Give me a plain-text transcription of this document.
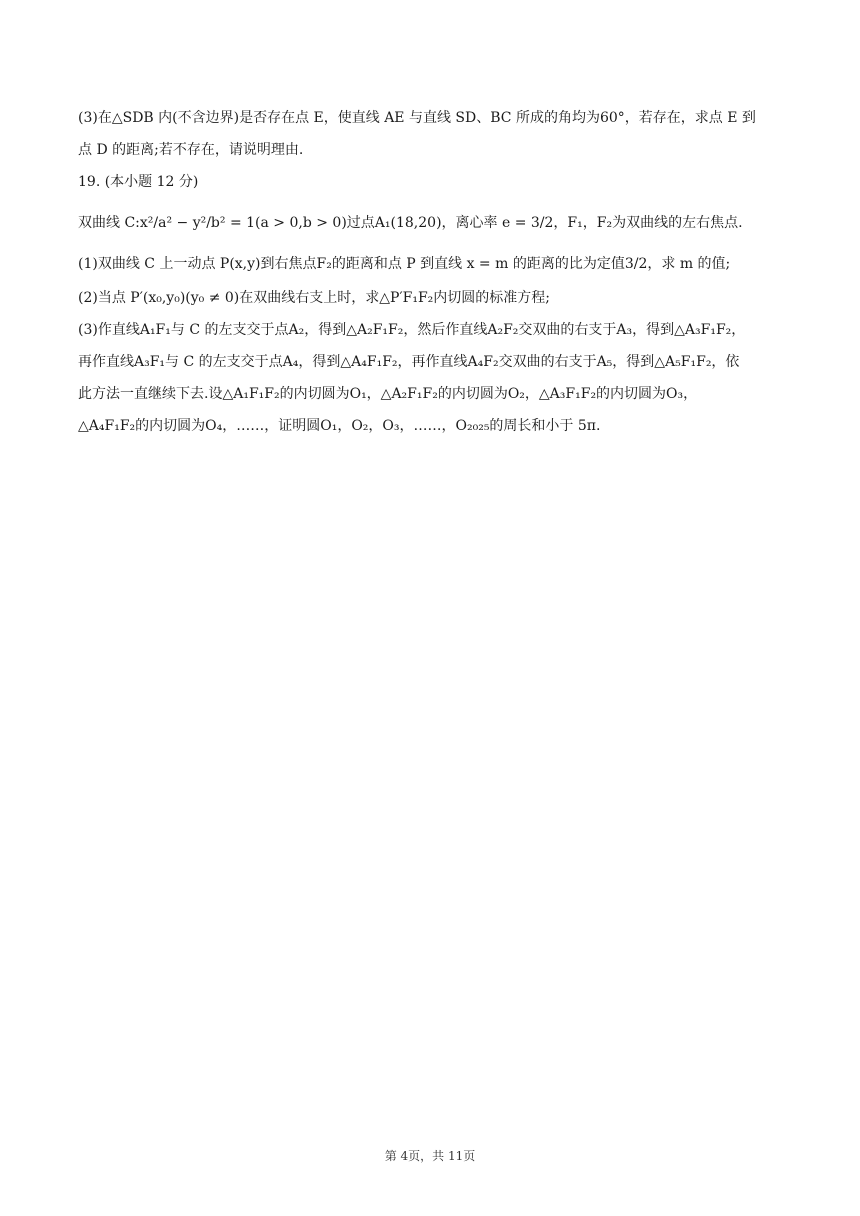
(3)在△SDB 内(不含边界)是否存在点 E，使直线 AE 与直线 SD、BC 所成的角均为60°，若存在，求点 E 到
点 D 的距离;若不存在，请说明理由.
19. (本小题 12 分)
双曲线 C:x²/a² − y²/b² = 1(a > 0,b > 0)过点A₁(18,20)，离心率 e = 3/2，F₁，F₂为双曲线的左右焦点.
(1)双曲线 C 上一动点 P(x,y)到右焦点F₂的距离和点 P 到直线 x = m 的距离的比为定值3/2，求 m 的值;
(2)当点 P′(x₀,y₀)(y₀ ≠ 0)在双曲线右支上时，求△P′F₁F₂内切圆的标准方程;
(3)作直线A₁F₁与 C 的左支交于点A₂，得到△A₂F₁F₂，然后作直线A₂F₂交双曲的右支于A₃，得到△A₃F₁F₂，
再作直线A₃F₁与 C 的左支交于点A₄，得到△A₄F₁F₂，再作直线A₄F₂交双曲的右支于A₅，得到△A₅F₁F₂，依
此方法一直继续下去.设△A₁F₁F₂的内切圆为O₁，△A₂F₁F₂的内切圆为O₂，△A₃F₁F₂的内切圆为O₃，
△A₄F₁F₂的内切圆为O₄，……，证明圆O₁，O₂，O₃，……，O₂₀₂₅的周长和小于 5π.
第 4页，共 11页
